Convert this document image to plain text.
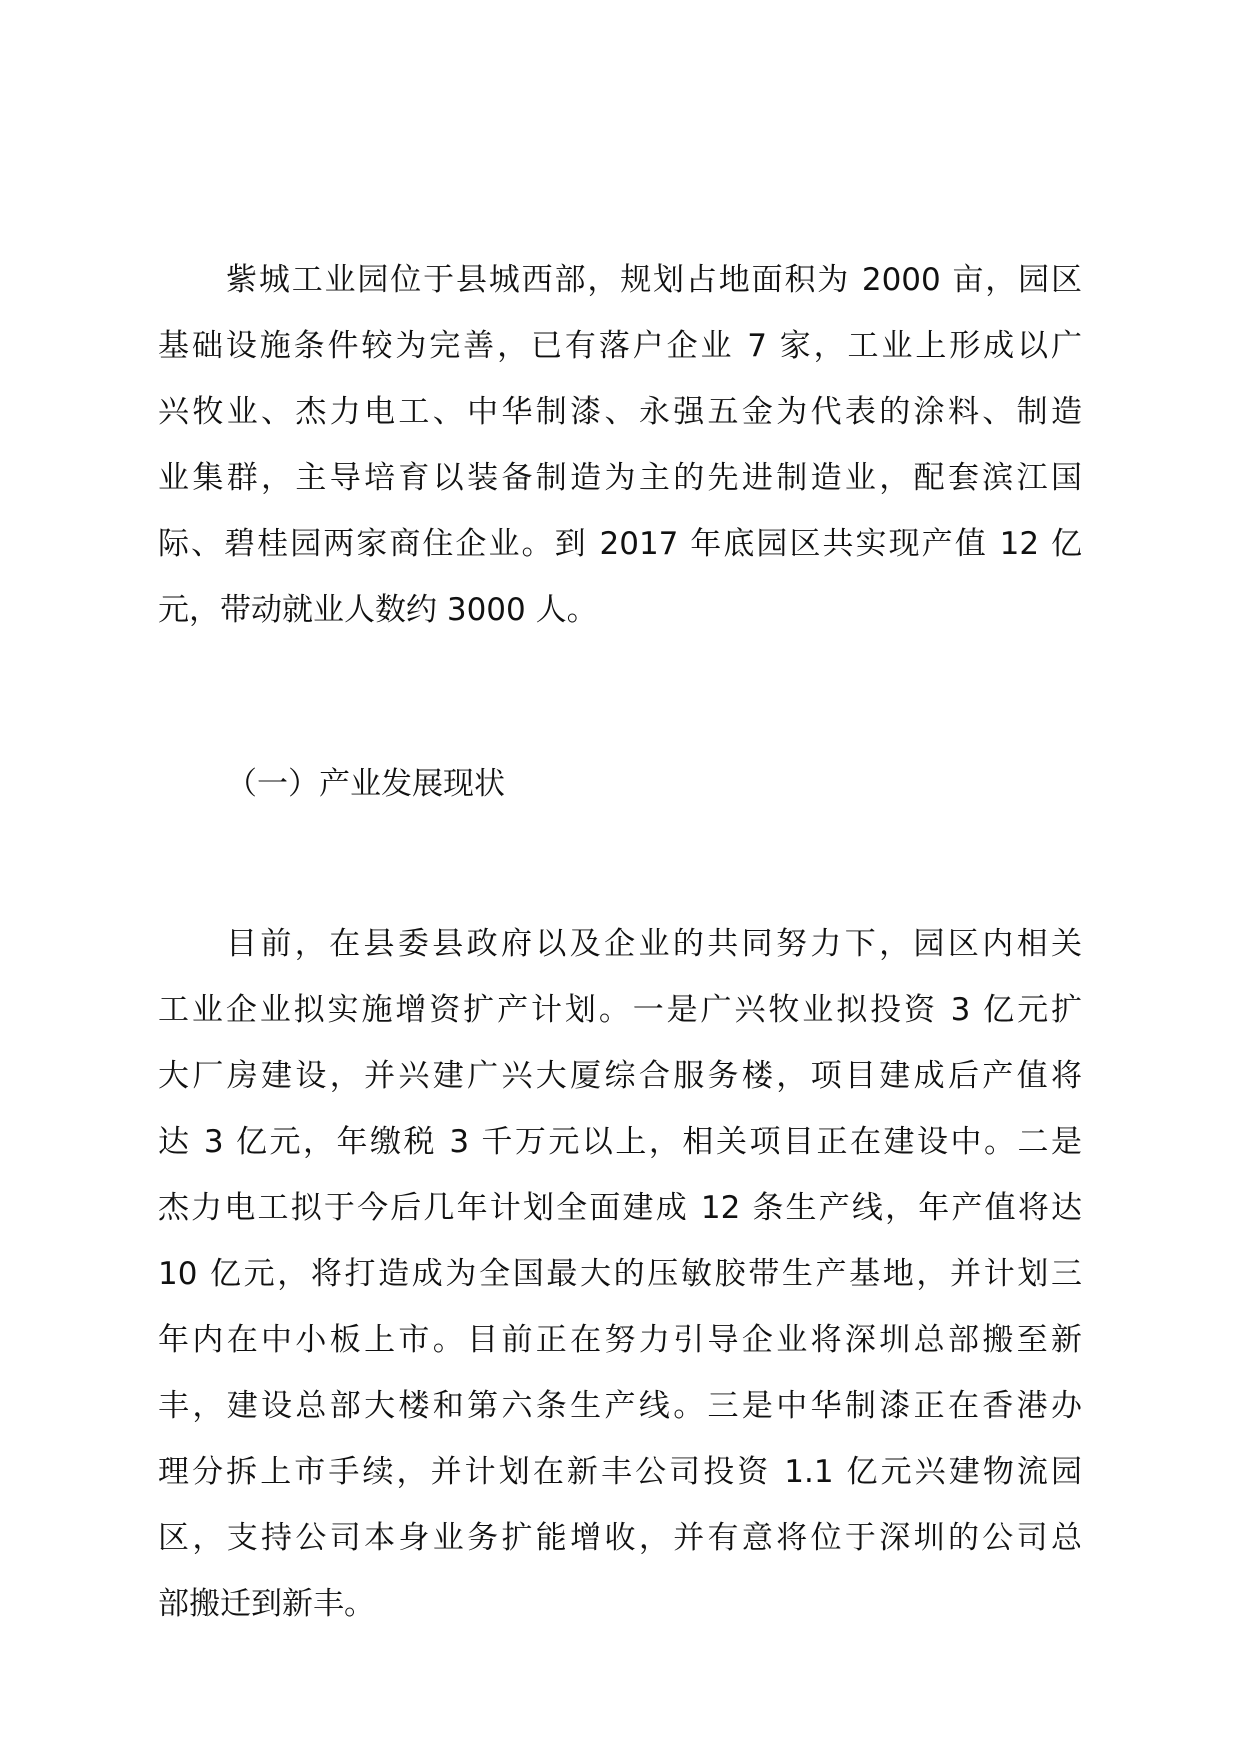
紫城工业园位于县城西部，规划占地面积为 2000 亩，园区
基础设施条件较为完善，已有落户企业 7 家，工业上形成以广
兴牧业、杰力电工、中华制漆、永强五金为代表的涂料、制造
业集群，主导培育以装备制造为主的先进制造业，配套滨江国
际、碧桂园两家商住企业。到 2017 年底园区共实现产值 12 亿
元，带动就业人数约 3000 人。
（一）产业发展现状
目前，在县委县政府以及企业的共同努力下，园区内相关
工业企业拟实施增资扩产计划。一是广兴牧业拟投资 3 亿元扩
大厂房建设，并兴建广兴大厦综合服务楼，项目建成后产值将
达 3 亿元，年缴税 3 千万元以上，相关项目正在建设中。二是
杰力电工拟于今后几年计划全面建成 12 条生产线，年产值将达
10 亿元，将打造成为全国最大的压敏胶带生产基地，并计划三
年内在中小板上市。目前正在努力引导企业将深圳总部搬至新
丰，建设总部大楼和第六条生产线。三是中华制漆正在香港办
理分拆上市手续，并计划在新丰公司投资 1.1 亿元兴建物流园
区，支持公司本身业务扩能增收，并有意将位于深圳的公司总
部搬迁到新丰。
